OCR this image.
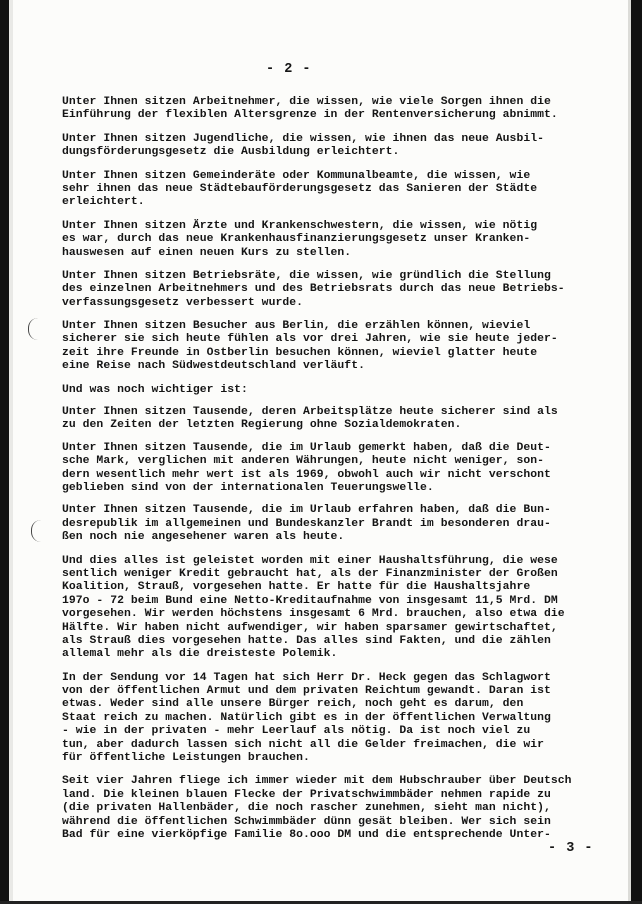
- 2 -
Unter Ihnen sitzen Arbeitnehmer, die wissen, wie viele Sorgen ihnen die
Einführung der flexiblen Altersgrenze in der Rentenversicherung abnimmt.
Unter Ihnen sitzen Jugendliche, die wissen, wie ihnen das neue Ausbil-
dungsförderungsgesetz die Ausbildung erleichtert.
Unter Ihnen sitzen Gemeinderäte oder Kommunalbeamte, die wissen, wie
sehr ihnen das neue Städtebauförderungsgesetz das Sanieren der Städte
erleichtert.
Unter Ihnen sitzen Ärzte und Krankenschwestern, die wissen, wie nötig
es war, durch das neue Krankenhausfinanzierungsgesetz unser Kranken-
hauswesen auf einen neuen Kurs zu stellen.
Unter Ihnen sitzen Betriebsräte, die wissen, wie gründlich die Stellung
des einzelnen Arbeitnehmers und des Betriebsrats durch das neue Betriebs-
verfassungsgesetz verbessert wurde.
Unter Ihnen sitzen Besucher aus Berlin, die erzählen können, wieviel
sicherer sie sich heute fühlen als vor drei Jahren, wie sie heute jeder-
zeit ihre Freunde in Ostberlin besuchen können, wieviel glatter heute
eine Reise nach Südwestdeutschland verläuft.
Und was noch wichtiger ist:
Unter Ihnen sitzen Tausende, deren Arbeitsplätze heute sicherer sind als
zu den Zeiten der letzten Regierung ohne Sozialdemokraten.
Unter Ihnen sitzen Tausende, die im Urlaub gemerkt haben, daß die Deut-
sche Mark, verglichen mit anderen Währungen, heute nicht weniger, son-
dern wesentlich mehr wert ist als 1969, obwohl auch wir nicht verschont
geblieben sind von der internationalen Teuerungswelle.
Unter Ihnen sitzen Tausende, die im Urlaub erfahren haben, daß die Bun-
desrepublik im allgemeinen und Bundeskanzler Brandt im besonderen drau-
ßen noch nie angesehener waren als heute.
Und dies alles ist geleistet worden mit einer Haushaltsführung, die wese
sentlich weniger Kredit gebraucht hat, als der Finanzminister der Großen
Koalition, Strauß, vorgesehen hatte. Er hatte für die Haushaltsjahre
197o - 72 beim Bund eine Netto-Kreditaufnahme von insgesamt 11,5 Mrd. DM
vorgesehen. Wir werden höchstens insgesamt 6 Mrd. brauchen, also etwa die
Hälfte. Wir haben nicht aufwendiger, wir haben sparsamer gewirtschaftet,
als Strauß dies vorgesehen hatte. Das alles sind Fakten, und die zählen
allemal mehr als die dreisteste Polemik.
In der Sendung vor 14 Tagen hat sich Herr Dr. Heck gegen das Schlagwort
von der öffentlichen Armut und dem privaten Reichtum gewandt. Daran ist
etwas. Weder sind alle unsere Bürger reich, noch geht es darum, den
Staat reich zu machen. Natürlich gibt es in der öffentlichen Verwaltung
- wie in der privaten - mehr Leerlauf als nötig. Da ist noch viel zu
tun, aber dadurch lassen sich nicht all die Gelder freimachen, die wir
für öffentliche Leistungen brauchen.
Seit vier Jahren fliege ich immer wieder mit dem Hubschrauber über Deutsch
land. Die kleinen blauen Flecke der Privatschwimmbäder nehmen rapide zu
(die privaten Hallenbäder, die noch rascher zunehmen, sieht man nicht),
während die öffentlichen Schwimmbäder dünn gesät bleiben. Wer sich sein
Bad für eine vierköpfige Familie 8o.ooo DM und die entsprechende Unter-
- 3 -
